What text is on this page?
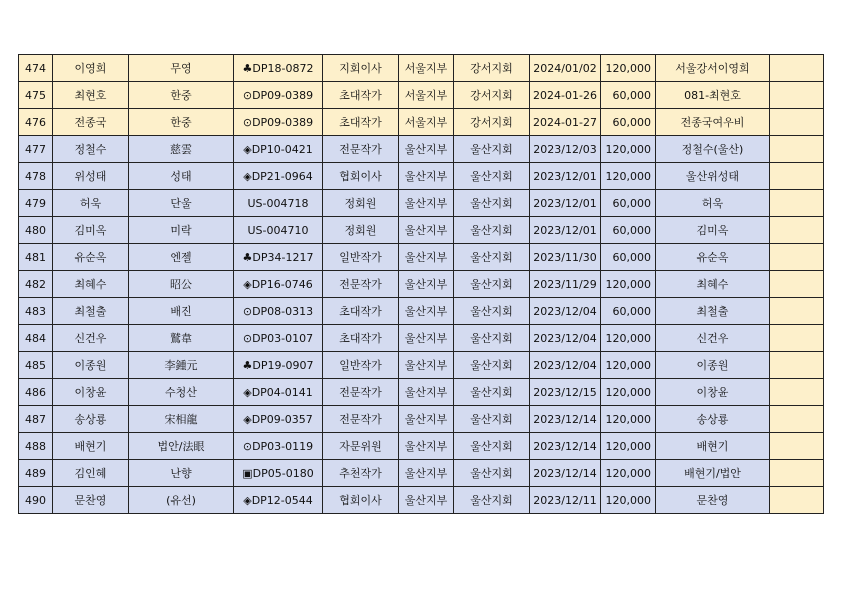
474	이영희	무영	♣DP18-0872	지회이사	서울지부	강서지회	2024/01/02	120,000	서울강서이영희	
475	최현호	한중	⊙DP09-0389	초대작가	서울지부	강서지회	2024-01-26	60,000	081-최현호	
476	전종국	한중	⊙DP09-0389	초대작가	서울지부	강서지회	2024-01-27	60,000	전종국여우비	
477	정철수	慈雲	◈DP10-0421	전문작가	울산지부	울산지회	2023/12/03	120,000	정철수(울산)	
478	위성태	성태	◈DP21-0964	협회이사	울산지부	울산지회	2023/12/01	120,000	울산위성태	
479	허욱	단울	US-004718	정회원	울산지부	울산지회	2023/12/01	60,000	허욱	
480	김미옥	미락	US-004710	정회원	울산지부	울산지회	2023/12/01	60,000	김미옥	
481	유순옥	엔젤	♣DP34-1217	일반작가	울산지부	울산지회	2023/11/30	60,000	유순옥	
482	최혜수	昭公	◈DP16-0746	전문작가	울산지부	울산지회	2023/11/29	120,000	최혜수	
483	최철출	배진	⊙DP08-0313	초대작가	울산지부	울산지회	2023/12/04	60,000	최철출	
484	신건우	鷲韋	⊙DP03-0107	초대작가	울산지부	울산지회	2023/12/04	120,000	신건우	
485	이종원	李鍾元	♣DP19-0907	일반작가	울산지부	울산지회	2023/12/04	120,000	이종원	
486	이창윤	수청산	◈DP04-0141	전문작가	울산지부	울산지회	2023/12/15	120,000	이창윤	
487	송상룡	宋相龍	◈DP09-0357	전문작가	울산지부	울산지회	2023/12/14	120,000	송상룡	
488	배현기	법안/法眼	⊙DP03-0119	자문위원	울산지부	울산지회	2023/12/14	120,000	배현기	
489	김인혜	난향	▣DP05-0180	추천작가	울산지부	울산지회	2023/12/14	120,000	배현기/법안	
490	문찬영	(유선)	◈DP12-0544	협회이사	울산지부	울산지회	2023/12/11	120,000	문찬영	
